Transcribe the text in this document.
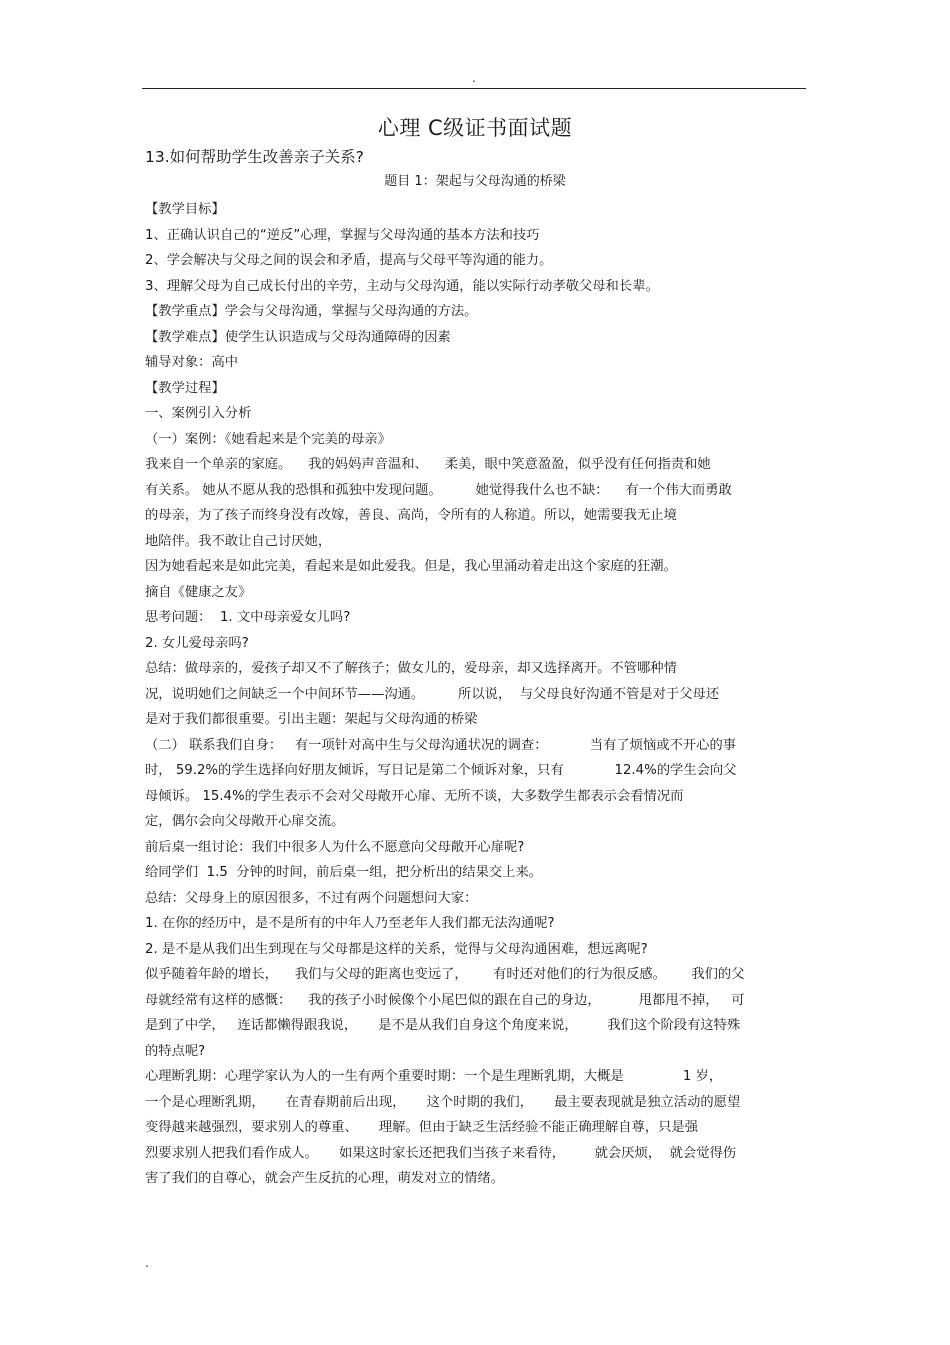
.
心理 C级证书面试题
13.如何帮助学生改善亲子关系?
题目 1：架起与父母沟通的桥梁
【教学目标】
1、正确认识自己的“逆反”心理，掌握与父母沟通的基本方法和技巧
2、学会解决与父母之间的误会和矛盾，提高与父母平等沟通的能力。
3、理解父母为自己成长付出的辛劳，主动与父母沟通，能以实际行动孝敬父母和长辈。
【教学重点】学会与父母沟通，掌握与父母沟通的方法。
【教学难点】使学生认识造成与父母沟通障碍的因素
辅导对象：高中
【教学过程】
一、案例引入分析
（一）案例：《她看起来是个完美的母亲》
我来自一个单亲的家庭。    我的妈妈声音温和、    柔美，眼中笑意盈盈，似乎没有任何指责和她
有关系。 她从不愿从我的恐惧和孤独中发现问题。        她觉得我什么也不缺：    有一个伟大而勇敢
的母亲，为了孩子而终身没有改嫁，善良、高尚，令所有的人称道。所以，她需要我无止境
地陪伴。我不敢让自己讨厌她，
因为她看起来是如此完美，看起来是如此爱我。但是，我心里涌动着走出这个家庭的狂潮。
摘自《健康之友》
思考问题：  1. 文中母亲爱女儿吗?
2. 女儿爱母亲吗?
总结：做母亲的，爱孩子却又不了解孩子；做女儿的，爱母亲，却又选择离开。不管哪种情
况，说明她们之间缺乏一个中间环节——沟通。        所以说，  与父母良好沟通不管是对于父母还
是对于我们都很重要。引出主题：架起与父母沟通的桥梁
（二） 联系我们自身：   有一项针对高中生与父母沟通状况的调查：          当有了烦恼或不开心的事
时， 59.2%的学生选择向好朋友倾诉，写日记是第二个倾诉对象，只有            12.4%的学生会向父
母倾诉。 15.4%的学生表示不会对父母敞开心扉、无所不谈，大多数学生都表示会看情况而
定，偶尔会向父母敞开心扉交流。
前后桌一组讨论：我们中很多人为什么不愿意向父母敞开心扉呢?
给同学们  1.5  分钟的时间，前后桌一组，把分析出的结果交上来。
总结：父母身上的原因很多，不过有两个问题想问大家：
1. 在你的经历中，是不是所有的中年人乃至老年人我们都无法沟通呢?
2. 是不是从我们出生到现在与父母都是这样的关系，觉得与父母沟通困难，想远离呢?
似乎随着年龄的增长，    我们与父母的距离也变远了，      有时还对他们的行为很反感。      我们的父
母就经常有这样的感慨：    我的孩子小时候像个小尾巴似的跟在自己的身边，         甩都甩不掉，   可
是到了中学，   连话都懒得跟我说，     是不是从我们自身这个角度来说，       我们这个阶段有这特殊
的特点呢?
心理断乳期：心理学家认为人的一生有两个重要时期：一个是生理断乳期，大概是              1 岁，
一个是心理断乳期，     在青春期前后出现，     这个时期的我们，     最主要表现就是独立活动的愿望
变得越来越强烈，要求别人的尊重、     理解。但由于缺乏生活经验不能正确理解自尊，只是强
烈要求别人把我们看作成人。     如果这时家长还把我们当孩子来看待，       就会厌烦，  就会觉得伤
害了我们的自尊心，就会产生反抗的心理，萌发对立的情绪。
.
